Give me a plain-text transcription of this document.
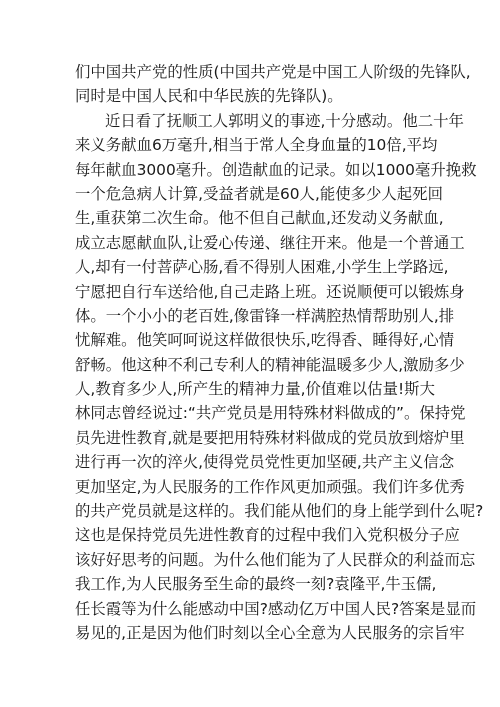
们中国共产党的性质(中国共产党是中国工人阶级的先锋队,
同时是中国人民和中华民族的先锋队)。
近日看了抚顺工人郭明义的事迹,十分感动。他二十年
来义务献血6万毫升,相当于常人全身血量的10倍,平均
每年献血3000毫升。创造献血的记录。如以1000毫升挽救
一个危急病人计算,受益者就是60人,能使多少人起死回
生,重获第二次生命。他不但自己献血,还发动义务献血,
成立志愿献血队,让爱心传递、继往开来。他是一个普通工
人,却有一付菩萨心肠,看不得别人困难,小学生上学路远,
宁愿把自行车送给他,自己走路上班。还说顺便可以锻炼身
体。一个小小的老百姓,像雷锋一样满腔热情帮助别人,排
忧解难。他笑呵呵说这样做很快乐,吃得香、睡得好,心情
舒畅。他这种不利己专利人的精神能温暖多少人,激励多少
人,教育多少人,所产生的精神力量,价值难以估量!斯大
林同志曾经说过:“共产党员是用特殊材料做成的”。保持党
员先进性教育,就是要把用特殊材料做成的党员放到熔炉里
进行再一次的淬火,使得党员党性更加坚硬,共产主义信念
更加坚定,为人民服务的工作作风更加顽强。我们许多优秀
的共产党员就是这样的。我们能从他们的身上能学到什么呢?
这也是保持党员先进性教育的过程中我们入党积极分子应
该好好思考的问题。为什么他们能为了人民群众的利益而忘
我工作,为人民服务至生命的最终一刻?袁隆平,牛玉儒,
任长霞等为什么能感动中国?感动亿万中国人民?答案是显而
易见的,正是因为他们时刻以全心全意为人民服务的宗旨牢
